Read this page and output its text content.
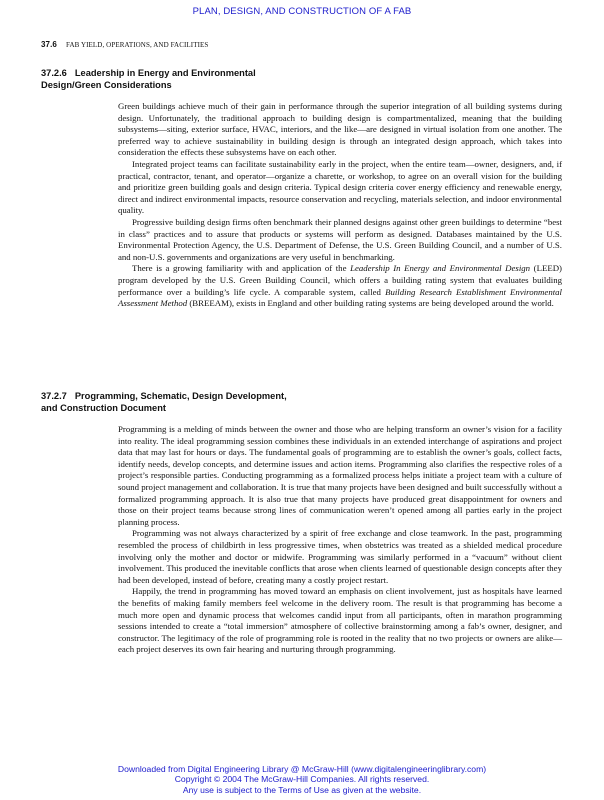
PLAN, DESIGN, AND CONSTRUCTION OF A FAB
37.6 FAB YIELD, OPERATIONS, AND FACILITIES
37.2.6 Leadership in Energy and Environmental
Design/Green Considerations

Green buildings achieve much of their gain in performance through the superior integration of all building systems during design. Unfortunately, the traditional approach to building design is compartmentalized, meaning that the building subsystems—siting, exterior surface, HVAC, interiors, and the like—are designed in virtual isolation from one another. The preferred way to achieve sustainability in building design is through an integrated design approach, which takes into consideration the effects these subsystems have on each other.

Integrated project teams can facilitate sustainability early in the project, when the entire team—owner, designers, and, if practical, contractor, tenant, and operator—organize a charette, or workshop, to agree on an overall vision for the building and prioritize green building goals and design criteria. Typical design criteria cover energy efficiency and renewable energy, direct and indirect environmental impacts, resource conservation and recycling, materials selection, and indoor environmental quality.

Progressive building design firms often benchmark their planned designs against other green buildings to determine “best in class” practices and to assure that products or systems will perform as designed. Databases maintained by the U.S. Environmental Protection Agency, the U.S. Department of Defense, the U.S. Green Building Council, and a number of U.S. and non-U.S. governments and organizations are very useful in benchmarking.

There is a growing familiarity with and application of the Leadership In Energy and Environmental Design (LEED) program developed by the U.S. Green Building Council, which offers a building rating system that evaluates building performance over a building’s life cycle. A comparable system, called Building Research Establishment Environmental Assessment Method (BREEAM), exists in England and other building rating systems are being developed around the world.

37.2.7 Programming, Schematic, Design Development,
and Construction Document

Programming is a melding of minds between the owner and those who are helping transform an owner’s vision for a facility into reality. The ideal programming session combines these individuals in an extended interchange of aspirations and project data that may last for hours or days. The fundamental goals of programming are to establish the owner’s goals, collect facts, identify needs, develop concepts, and determine issues and action items. Programming also clarifies the respective roles of a project’s responsible parties. Conducting programming as a formalized process helps initiate a project team with a culture of sound project management and collaboration. It is true that many projects have been designed and built successfully without a formalized programming approach. It is also true that many projects have produced great disappointment for owners and those on their project teams because strong lines of communication weren’t opened among all parties early in the project planning process.

Programming was not always characterized by a spirit of free exchange and close teamwork. In the past, programming resembled the process of childbirth in less progressive times, when obstetrics was treated as a shielded medical procedure involving only the mother and doctor or midwife. Programming was similarly performed in a “vacuum” without client involvement. This produced the inevitable conflicts that arose when clients learned of questionable design concepts after they had been developed, instead of before, creating many a costly project restart.

Happily, the trend in programming has moved toward an emphasis on client involvement, just as hospitals have learned the benefits of making family members feel welcome in the delivery room. The result is that programming has become a much more open and dynamic process that welcomes candid input from all participants, often in marathon programming sessions intended to create a “total immersion” atmosphere of collective brainstorming among a fab’s owner, designer, and constructor. The legitimacy of the role of programming role is rooted in the reality that no two projects or owners are alike—each project deserves its own fair hearing and nurturing through programming.

Downloaded from Digital Engineering Library @ McGraw-Hill (www.digitalengineeringlibrary.com)
Copyright © 2004 The McGraw-Hill Companies. All rights reserved.
Any use is subject to the Terms of Use as given at the website.
